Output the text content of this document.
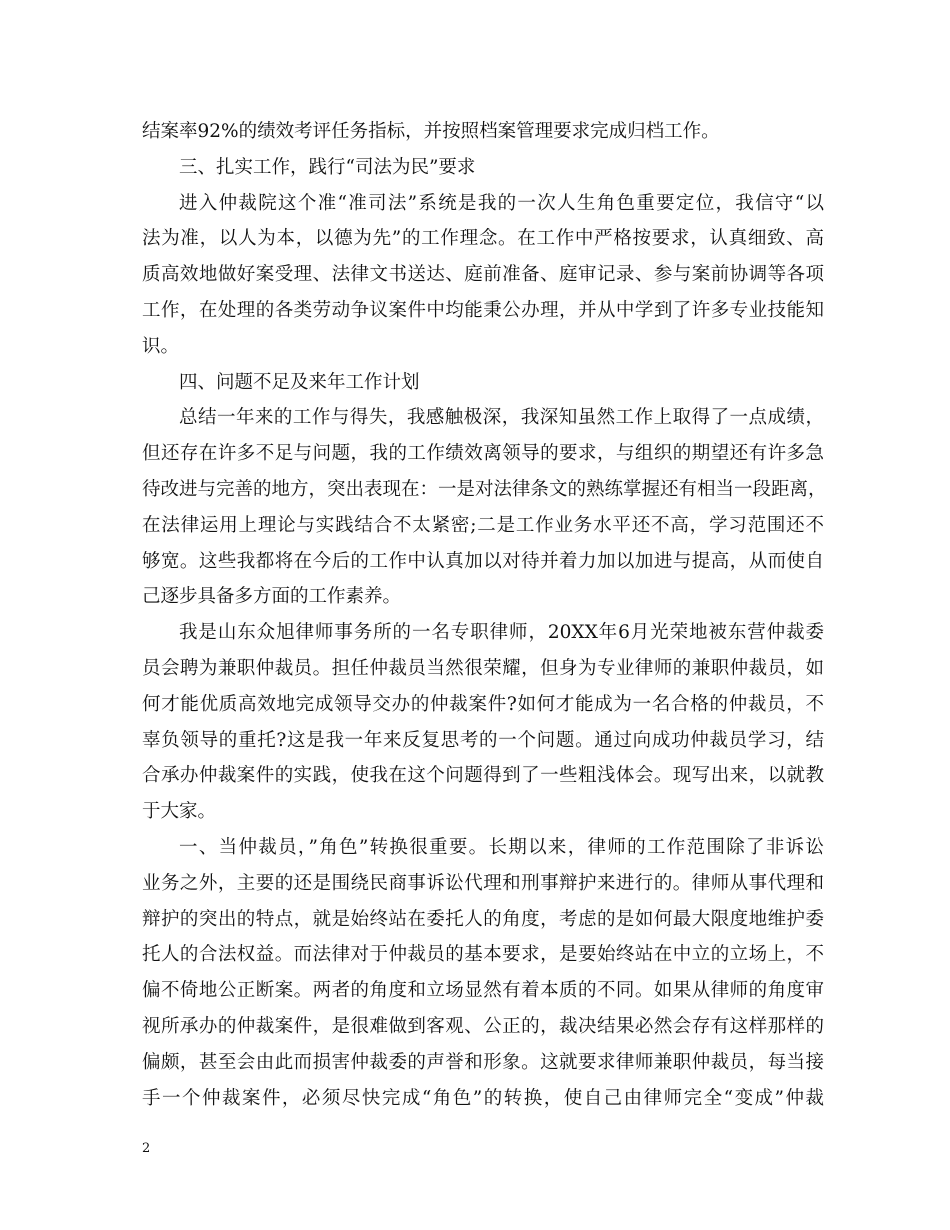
结案率92%的绩效考评任务指标，并按照档案管理要求完成归档工作。
三、扎实工作，践行“司法为民”要求
进入仲裁院这个准“准司法”系统是我的一次人生角色重要定位，我信守“以
法为准，以人为本，以德为先”的工作理念。在工作中严格按要求，认真细致、高
质高效地做好案受理、法律文书送达、庭前准备、庭审记录、参与案前协调等各项
工作，在处理的各类劳动争议案件中均能秉公办理，并从中学到了许多专业技能知
识。
四、问题不足及来年工作计划
总结一年来的工作与得失，我感触极深，我深知虽然工作上取得了一点成绩，
但还存在许多不足与问题，我的工作绩效离领导的要求，与组织的期望还有许多急
待改进与完善的地方，突出表现在：一是对法律条文的熟练掌握还有相当一段距离，
在法律运用上理论与实践结合不太紧密;二是工作业务水平还不高，学习范围还不
够宽。这些我都将在今后的工作中认真加以对待并着力加以加进与提高，从而使自
己逐步具备多方面的工作素养。
我是山东众旭律师事务所的一名专职律师，20XX年6月光荣地被东营仲裁委
员会聘为兼职仲裁员。担任仲裁员当然很荣耀，但身为专业律师的兼职仲裁员，如
何才能优质高效地完成领导交办的仲裁案件?如何才能成为一名合格的仲裁员，不
辜负领导的重托?这是我一年来反复思考的一个问题。通过向成功仲裁员学习，结
合承办仲裁案件的实践，使我在这个问题得到了一些粗浅体会。现写出来，以就教
于大家。
一、当仲裁员，”角色”转换很重要。长期以来，律师的工作范围除了非诉讼
业务之外，主要的还是围绕民商事诉讼代理和刑事辩护来进行的。律师从事代理和
辩护的突出的特点，就是始终站在委托人的角度，考虑的是如何最大限度地维护委
托人的合法权益。而法律对于仲裁员的基本要求，是要始终站在中立的立场上，不
偏不倚地公正断案。两者的角度和立场显然有着本质的不同。如果从律师的角度审
视所承办的仲裁案件，是很难做到客观、公正的，裁决结果必然会存有这样那样的
偏颇，甚至会由此而损害仲裁委的声誉和形象。这就要求律师兼职仲裁员，每当接
手一个仲裁案件，必须尽快完成“角色”的转换，使自己由律师完全“变成”仲裁
2
